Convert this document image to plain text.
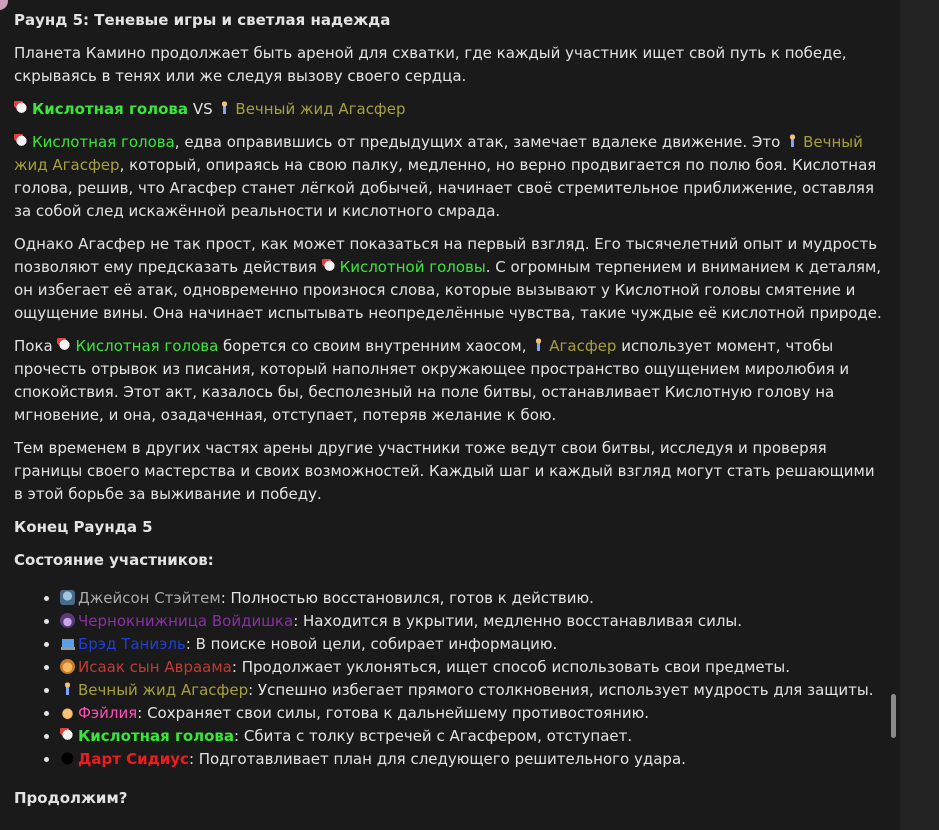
Раунд 5: Теневые игры и светлая надежда

Планета Камино продолжает быть ареной для схватки, где каждый участник ищет свой путь к победе, скрываясь в тенях или же следуя вызову своего сердца.

Кислотная голова VS Вечный жид Агасфер

Кислотная голова, едва оправившись от предыдущих атак, замечает вдалеке движение. Это Вечный жид Агасфер, который, опираясь на свою палку, медленно, но верно продвигается по полю боя. Кислотная голова, решив, что Агасфер станет лёгкой добычей, начинает своё стремительное приближение, оставляя за собой след искажённой реальности и кислотного смрада.

Однако Агасфер не так прост, как может показаться на первый взгляд. Его тысячелетний опыт и мудрость позволяют ему предсказать действия Кислотной головы. С огромным терпением и вниманием к деталям, он избегает её атак, одновременно произнося слова, которые вызывают у Кислотной головы смятение и ощущение вины. Она начинает испытывать неопределённые чувства, такие чуждые её кислотной природе.

Пока Кислотная голова борется со своим внутренним хаосом, Агасфер использует момент, чтобы прочесть отрывок из писания, который наполняет окружающее пространство ощущением миролюбия и спокойствия. Этот акт, казалось бы, бесполезный на поле битвы, останавливает Кислотную голову на мгновение, и она, озадаченная, отступает, потеряв желание к бою.

Тем временем в других частях арены другие участники тоже ведут свои битвы, исследуя и проверяя границы своего мастерства и своих возможностей. Каждый шаг и каждый взгляд могут стать решающими в этой борьбе за выживание и победу.

Конец Раунда 5

Состояние участников:

• Джейсон Стэйтем: Полностью восстановился, готов к действию.
• Чернокнижница Войдишка: Находится в укрытии, медленно восстанавливая силы.
• Брэд Таниэль: В поиске новой цели, собирает информацию.
• Исаак сын Авраама: Продолжает уклоняться, ищет способ использовать свои предметы.
• Вечный жид Агасфер: Успешно избегает прямого столкновения, использует мудрость для защиты.
• Фэйлия: Сохраняет свои силы, готова к дальнейшему противостоянию.
• Кислотная голова: Сбита с толку встречей с Агасфером, отступает.
• Дарт Сидиус: Подготавливает план для следующего решительного удара.

Продолжим?
